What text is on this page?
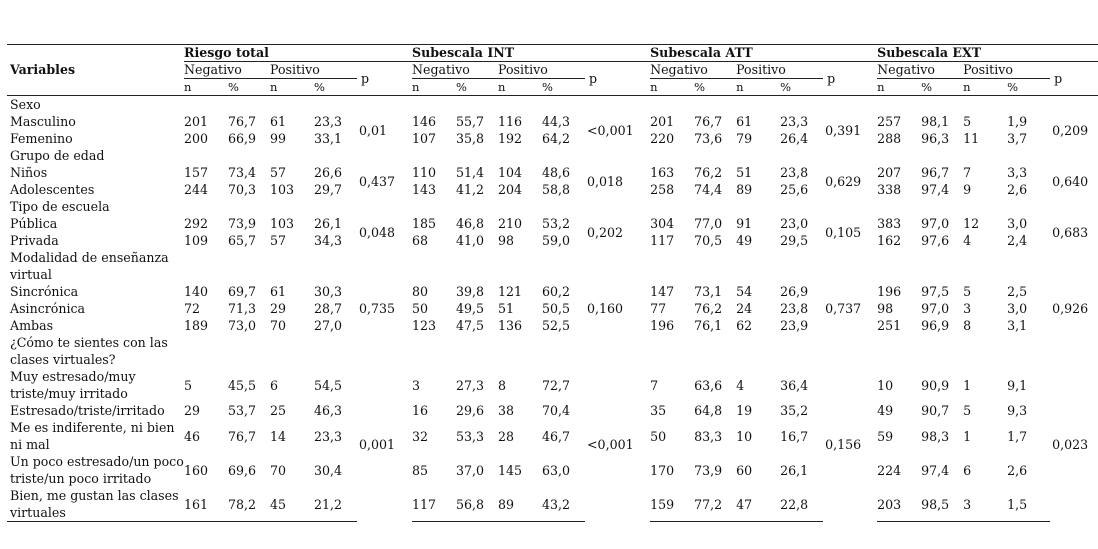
Variables	Riesgo total					Subescala INT					Subescala ATT					Subescala EXT				
	Negativo		Positivo		p	Negativo		Positivo		p	Negativo		Positivo		p	Negativo		Positivo		p
	n	%	n	%		n	%	n	%		n	%	n	%		n	%	n	%	
Sexo																				
Masculino	201	76,7	61	23,3	0,01	146	55,7	116	44,3	<0,001	201	76,7	61	23,3	0,391	257	98,1	5	1,9	0,209
Femenino	200	66,9	99	33,1		107	35,8	192	64,2		220	73,6	79	26,4		288	96,3	11	3,7	
Grupo de edad																				
Niños	157	73,4	57	26,6	0,437	110	51,4	104	48,6	0,018	163	76,2	51	23,8	0,629	207	96,7	7	3,3	0,640
Adolescentes	244	70,3	103	29,7		143	41,2	204	58,8		258	74,4	89	25,6		338	97,4	9	2,6	
Tipo de escuela																				
Pública	292	73,9	103	26,1	0,048	185	46,8	210	53,2	0,202	304	77,0	91	23,0	0,105	383	97,0	12	3,0	0,683
Privada	109	65,7	57	34,3		68	41,0	98	59,0		117	70,5	49	29,5		162	97,6	4	2,4	
Modalidad de enseñanza virtual																				
Sincrónica	140	69,7	61	30,3	0,735	80	39,8	121	60,2	0,160	147	73,1	54	26,9	0,737	196	97,5	5	2,5	0,926
Asincrónica	72	71,3	29	28,7		50	49,5	51	50,5		77	76,2	24	23,8		98	97,0	3	3,0	
Ambas	189	73,0	70	27,0		123	47,5	136	52,5		196	76,1	62	23,9		251	96,9	8	3,1	
¿Cómo te sientes con las clases virtuales?																				
Muy estresado/muy triste/muy irritado	5	45,5	6	54,5	0,001	3	27,3	8	72,7	<0,001	7	63,6	4	36,4	0,156	10	90,9	1	9,1	0,023
Estresado/triste/irritado	29	53,7	25	46,3		16	29,6	38	70,4		35	64,8	19	35,2		49	90,7	5	9,3	
Me es indiferente, ni bien ni mal	46	76,7	14	23,3		32	53,3	28	46,7		50	83,3	10	16,7		59	98,3	1	1,7	
Un poco estresado/un poco triste/un poco irritado	160	69,6	70	30,4		85	37,0	145	63,0		170	73,9	60	26,1		224	97,4	6	2,6	
Bien, me gustan las clases virtuales	161	78,2	45	21,2		117	56,8	89	43,2		159	77,2	47	22,8		203	98,5	3	1,5	
